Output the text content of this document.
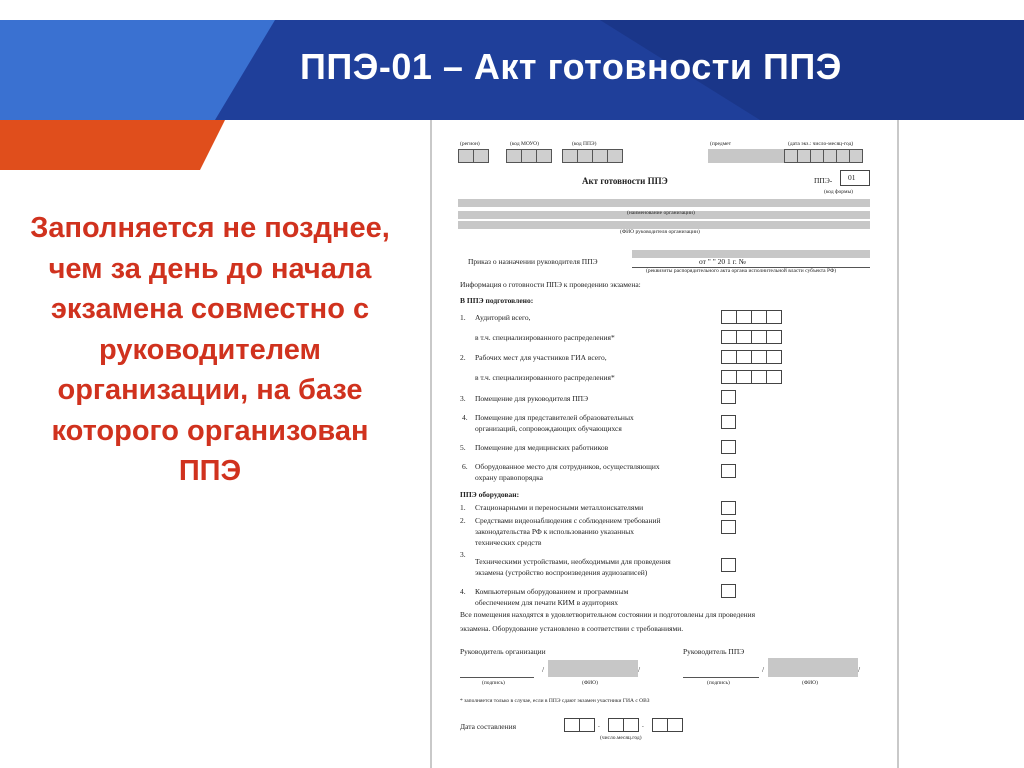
ППЭ-01 – Акт готовности ППЭ
Заполняется не позднее, чем за день до начала экзамена совместно с руководителем организации, на базе которого организован ППЭ
(регион)	(код МОУО)	(код ППЭ)	(предмет	(дата экз.: число-месяц-год)
Акт готовности ППЭ	ППЭ- 01
(код формы)
(наименование организации)
(ФИО руководителя организации)
Приказ о назначении руководителя ППЭ	от " " 20 1 г. №
(реквизиты распорядительного акта органа исполнительной власти субъекта РФ)
Информация о готовности ППЭ к проведению экзамена:
В ППЭ подготовлено:
1. Аудиторий всего,
в т.ч. специализированного распределения*
2. Рабочих мест для участников ГИА всего,
в т.ч. специализированного распределения*
3. Помещение для руководителя ППЭ
4. Помещение для представителей образовательных
организаций, сопровождающих обучающихся
5. Помещение для медицинских работников
6. Оборудованное место для сотрудников, осуществляющих
охрану правопорядка
ППЭ оборудован:
1. Стационарными и переносными металлоискателями
2. Средствами видеонаблюдения с соблюдением требований
законодательства РФ к использованию указанных
технических средств
3.
Техническими устройствами, необходимыми для проведения
экзамена (устройство воспроизведения аудиозаписей)
4. Компьютерным оборудованием и программным
обеспечением для печати КИМ в аудиториях
Все помещения находятся в удовлетворительном состоянии и подготовлены для проведения
экзамена. Оборудование установлено в соответствии с требованиями.
Руководитель организации	Руководитель ППЭ
/	/
(подпись)	(ФИО)
/	/
(подпись)	(ФИО)
* заполняется только в случае, если в ППЭ сдают экзамен участники ГИА с ОВЗ
Дата составления	.	.
(число.месяц.год)
